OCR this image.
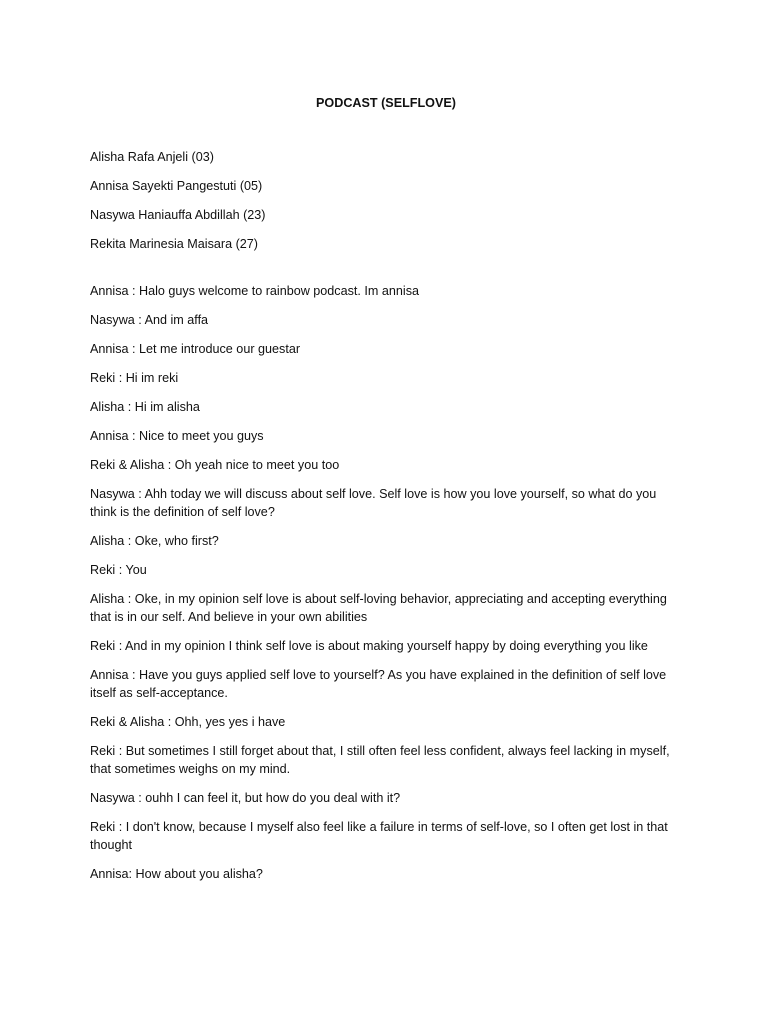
PODCAST (SELFLOVE)

Alisha Rafa Anjeli (03)

Annisa Sayekti Pangestuti (05)

Nasywa Haniauffa Abdillah (23)

Rekita Marinesia Maisara (27)

Annisa : Halo guys welcome to rainbow podcast. Im annisa

Nasywa : And im affa

Annisa : Let me introduce our guestar

Reki : Hi im reki

Alisha : Hi im alisha

Annisa : Nice to meet you guys

Reki & Alisha : Oh yeah nice to meet you too

Nasywa : Ahh today we will discuss about self love. Self love is how you love yourself, so what do you think is the definition of self love?

Alisha : Oke, who first?

Reki : You

Alisha : Oke, in my opinion self love is about self-loving behavior, appreciating and accepting everything that is in our self. And believe in your own abilities

Reki : And in my opinion I think self love is about making yourself happy by doing everything you like

Annisa : Have you guys applied self love to yourself? As you have explained in the definition of self love itself as self-acceptance.

Reki & Alisha : Ohh, yes yes i have

Reki : But sometimes I still forget about that, I still often feel less confident, always feel lacking in myself, that sometimes weighs on my mind.

Nasywa : ouhh I can feel it, but how do you deal with it?

Reki : I don't know, because I myself also feel like a failure in terms of self-love, so I often get lost in that thought

Annisa: How about you alisha?
